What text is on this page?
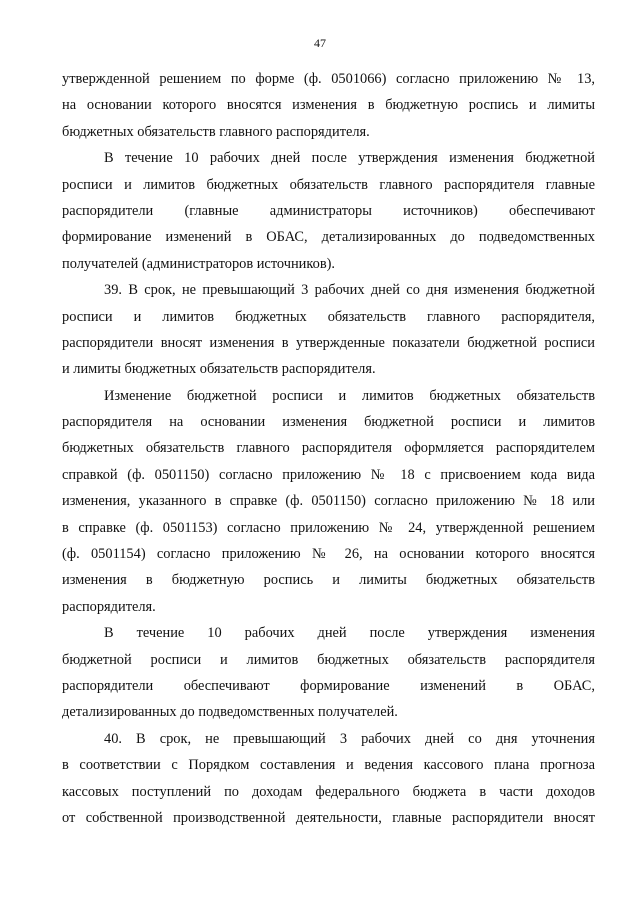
47
утвержденной решением по форме (ф. 0501066) согласно приложению № 13,
на основании которого вносятся изменения в бюджетную роспись и лимиты
бюджетных обязательств главного распорядителя.
В течение 10 рабочих дней после утверждения изменения бюджетной
росписи и лимитов бюджетных обязательств главного распорядителя главные
распорядители (главные администраторы источников) обеспечивают
формирование изменений в ОБАС, детализированных до подведомственных
получателей (администраторов источников).
39. В срок, не превышающий 3 рабочих дней со дня изменения бюджетной
росписи и лимитов бюджетных обязательств главного распорядителя,
распорядители вносят изменения в утвержденные показатели бюджетной росписи
и лимиты бюджетных обязательств распорядителя.
Изменение бюджетной росписи и лимитов бюджетных обязательств
распорядителя на основании изменения бюджетной росписи и лимитов
бюджетных обязательств главного распорядителя оформляется распорядителем
справкой (ф. 0501150) согласно приложению № 18 с присвоением кода вида
изменения, указанного в справке (ф. 0501150) согласно приложению № 18 или
в справке (ф. 0501153) согласно приложению № 24, утвержденной решением
(ф. 0501154) согласно приложению № 26, на основании которого вносятся
изменения в бюджетную роспись и лимиты бюджетных обязательств
распорядителя.
В течение 10 рабочих дней после утверждения изменения
бюджетной росписи и лимитов бюджетных обязательств распорядителя
распорядители обеспечивают формирование изменений в ОБАС,
детализированных до подведомственных получателей.
40. В срок, не превышающий 3 рабочих дней со дня уточнения
в соответствии с Порядком составления и ведения кассового плана прогноза
кассовых поступлений по доходам федерального бюджета в части доходов
от собственной производственной деятельности, главные распорядители вносят
